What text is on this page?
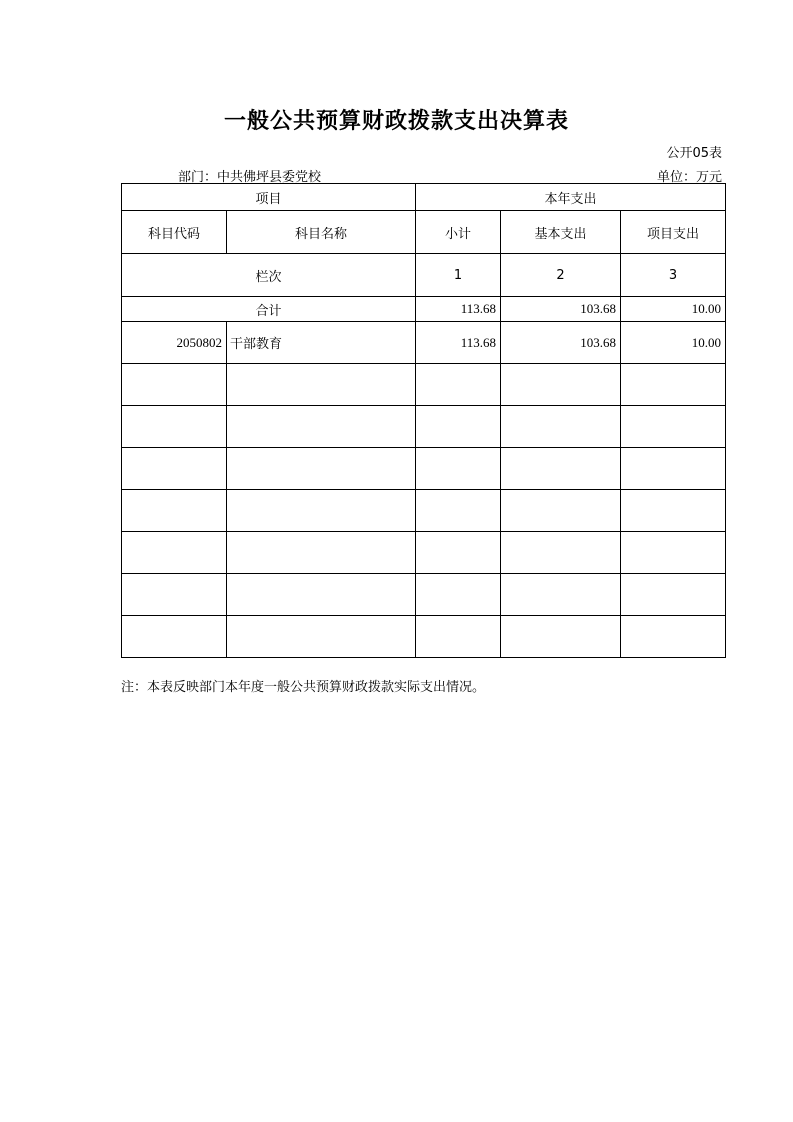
一般公共预算财政拨款支出决算表
公开05表
部门：中共佛坪县委党校	单位：万元
项目		本年支出		
科目代码	科目名称	小计	基本支出	项目支出
栏次		1	2	3
合计		113.68	103.68	10.00
2050802	干部教育	113.68	103.68	10.00

注：本表反映部门本年度一般公共预算财政拨款实际支出情况。
